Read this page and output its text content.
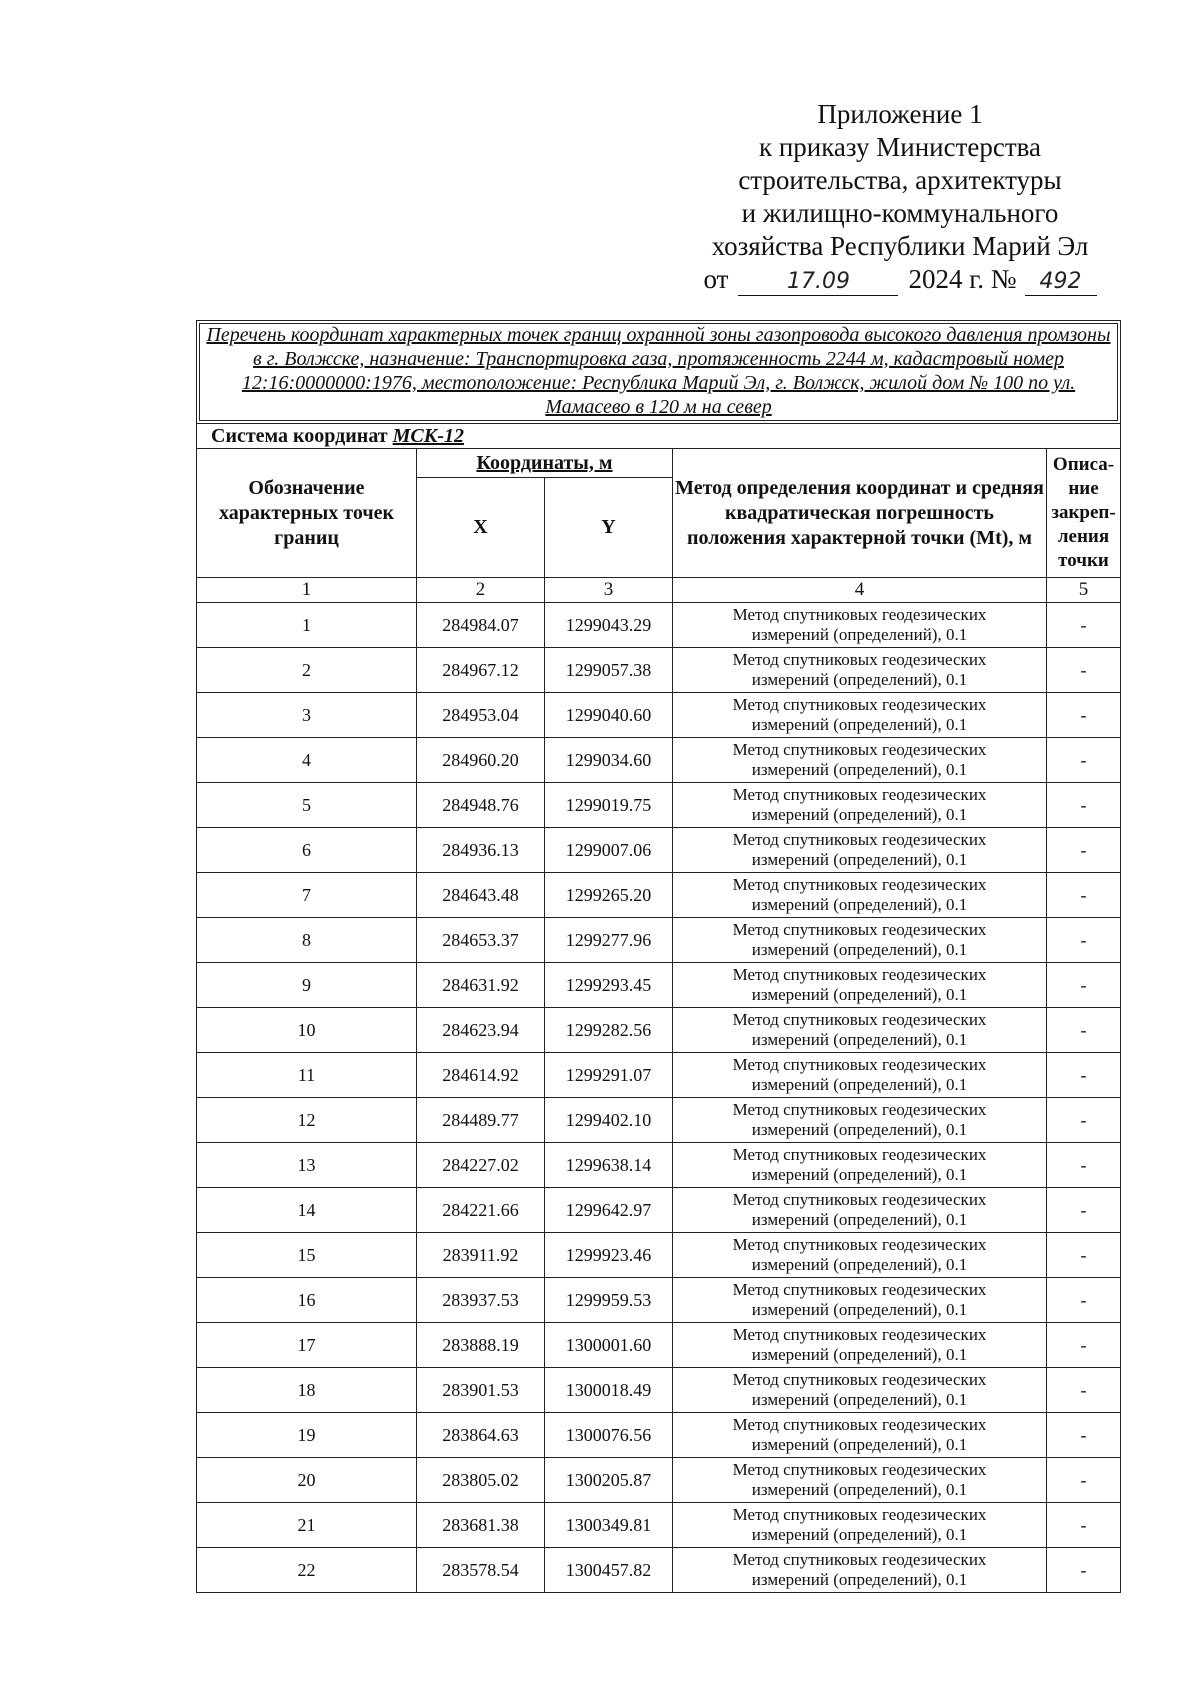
Приложение 1
к приказу Министерства
строительства, архитектуры
и жилищно-коммунального
хозяйства Республики Марий Эл
от	17.09	2024 г. №	492
Перечень координат характерных точек границ охранной зоны газопровода высокого давления промзоны в г. Волжске, назначение: Транспортировка газа, протяженность 2244 м, кадастровый номер 12:16:0000000:1976, местоположение: Республика Марий Эл, г. Волжск, жилой дом № 100 по ул. Мамасево в 120 м на север				
Система координат МСК-12				
Обозначение характерных точек границ	Координаты, м		Метод определения координат и средняя квадратическая погрешность положения характерной точки (Mt), м	Описа-
ние
закреп-
ления
точки

	X	Y		
1	2	3	4	5
1	284984.07	1299043.29	Метод спутниковых геодезических
измерений (определений), 0.1	-
2	284967.12	1299057.38	Метод спутниковых геодезических
измерений (определений), 0.1	-
3	284953.04	1299040.60	Метод спутниковых геодезических
измерений (определений), 0.1	-
4	284960.20	1299034.60	Метод спутниковых геодезических
измерений (определений), 0.1	-
5	284948.76	1299019.75	Метод спутниковых геодезических
измерений (определений), 0.1	-
6	284936.13	1299007.06	Метод спутниковых геодезических
измерений (определений), 0.1	-
7	284643.48	1299265.20	Метод спутниковых геодезических
измерений (определений), 0.1	-
8	284653.37	1299277.96	Метод спутниковых геодезических
измерений (определений), 0.1	-
9	284631.92	1299293.45	Метод спутниковых геодезических
измерений (определений), 0.1	-
10	284623.94	1299282.56	Метод спутниковых геодезических
измерений (определений), 0.1	-
11	284614.92	1299291.07	Метод спутниковых геодезических
измерений (определений), 0.1	-
12	284489.77	1299402.10	Метод спутниковых геодезических
измерений (определений), 0.1	-
13	284227.02	1299638.14	Метод спутниковых геодезических
измерений (определений), 0.1	-
14	284221.66	1299642.97	Метод спутниковых геодезических
измерений (определений), 0.1	-
15	283911.92	1299923.46	Метод спутниковых геодезических
измерений (определений), 0.1	-
16	283937.53	1299959.53	Метод спутниковых геодезических
измерений (определений), 0.1	-
17	283888.19	1300001.60	Метод спутниковых геодезических
измерений (определений), 0.1	-
18	283901.53	1300018.49	Метод спутниковых геодезических
измерений (определений), 0.1	-
19	283864.63	1300076.56	Метод спутниковых геодезических
измерений (определений), 0.1	-
20	283805.02	1300205.87	Метод спутниковых геодезических
измерений (определений), 0.1	-
21	283681.38	1300349.81	Метод спутниковых геодезических
измерений (определений), 0.1	-
22	283578.54	1300457.82	Метод спутниковых геодезических
измерений (определений), 0.1	-
